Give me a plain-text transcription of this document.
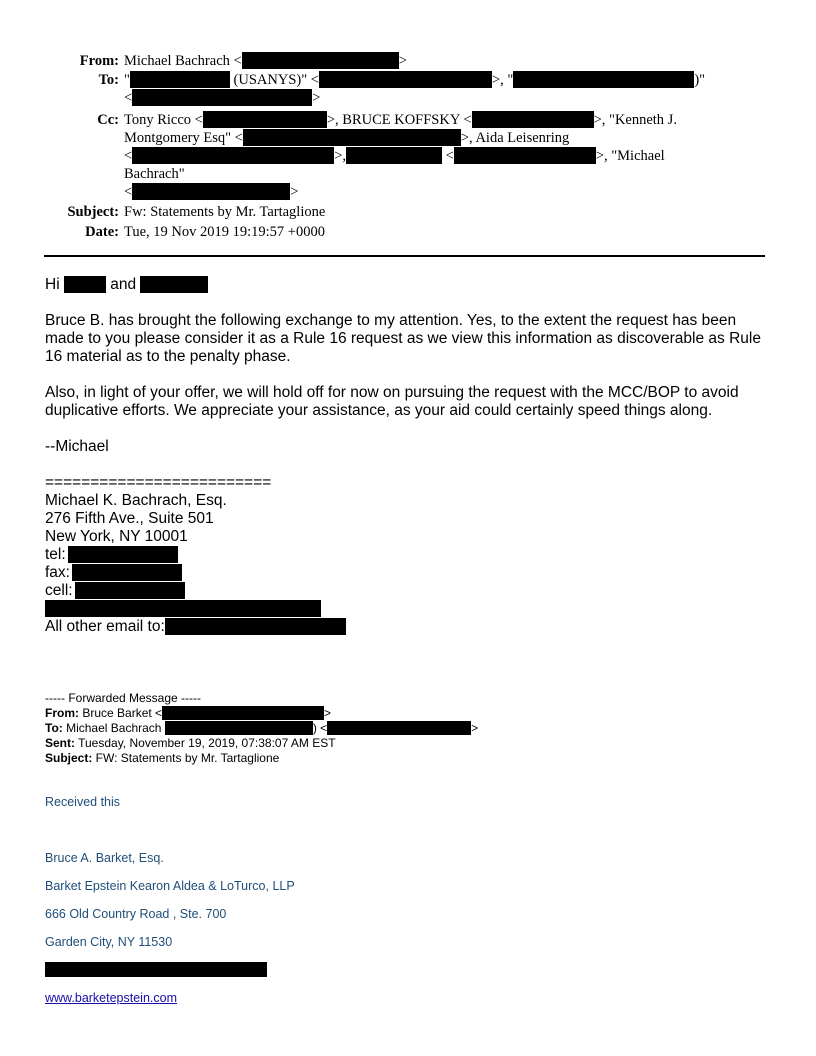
From: Michael Bachrach <	>
To: "	(USANYS)" <	>, "	)"
<	>
Cc: Tony Ricco <	>, BRUCE KOFFSKY <	>, "Kenneth J. Montgomery Esq" <	>, Aida Leisenring
<	>,	<	>, "Michael Bachrach"
<	>
Subject: Fw: Statements by Mr. Tartaglione
Date: Tue, 19 Nov 2019 19:19:57 +0000

Hi	and

Bruce B. has brought the following exchange to my attention. Yes, to the extent the request has been made to you please consider it as a Rule 16 request as we view this information as discoverable as Rule 16 material as to the penalty phase.

Also, in light of your offer, we will hold off for now on pursuing the request with the MCC/BOP to avoid duplicative efforts. We appreciate your assistance, as your aid could certainly speed things along.

--Michael

=========================
Michael K. Bachrach, Esq.
276 Fifth Ave., Suite 501
New York, NY 10001
tel:
fax:
cell:
All other email to:
----- Forwarded Message -----
From: Bruce Barket <	>
To: Michael Bachrach	) <	>
Sent: Tuesday, November 19, 2019, 07:38:07 AM EST
Subject: FW: Statements by Mr. Tartaglione
Received this
Bruce A. Barket, Esq.
Barket Epstein Kearon Aldea & LoTurco, LLP
666 Old Country Road , Ste. 700
Garden City, NY 11530
www.barketepstein.com
